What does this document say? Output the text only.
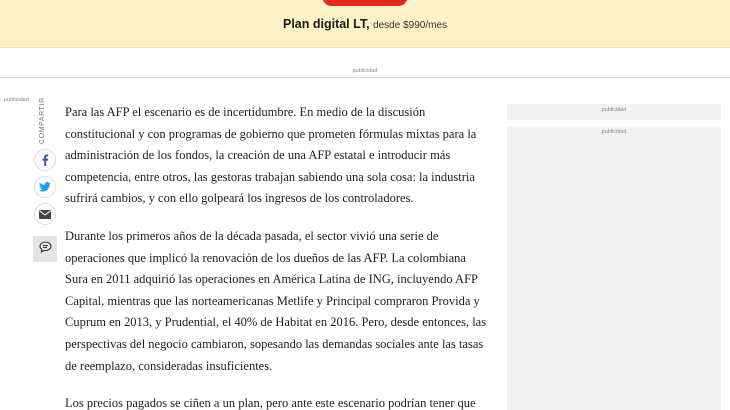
Plan digital LT, desde $990/mes
publicidad
publicidad COMPARTIR	Para las AFP el escenario es de incertidumbre. En medio de la discusión constitucional y con programas de gobierno que prometen fórmulas mixtas para la administración de los fondos, la creación de una AFP estatal e introducir más competencia, entre otros, las gestoras trabajan sabiendo una sola cosa: la industria sufrirá cambios, y con ello golpeará los ingresos de los controladores.

Durante los primeros años de la década pasada, el sector vivió una serie de operaciones que implicó la renovación de los dueños de las AFP. La colombiana Sura en 2011 adquirió las operaciones en América Latina de ING, incluyendo AFP Capital, mientras que las norteamericanas Metlife y Principal compraron Provida y Cuprum en 2013, y Prudential, el 40% de Habitat en 2016. Pero, desde entonces, las perspectivas del negocio cambiaron, sopesando las demandas sociales ante las tasas de reemplazo, consideradas insuficientes.

Los precios pagados se ciñen a un plan, pero ante este escenario podrían tener que

publicidad
publicidad
